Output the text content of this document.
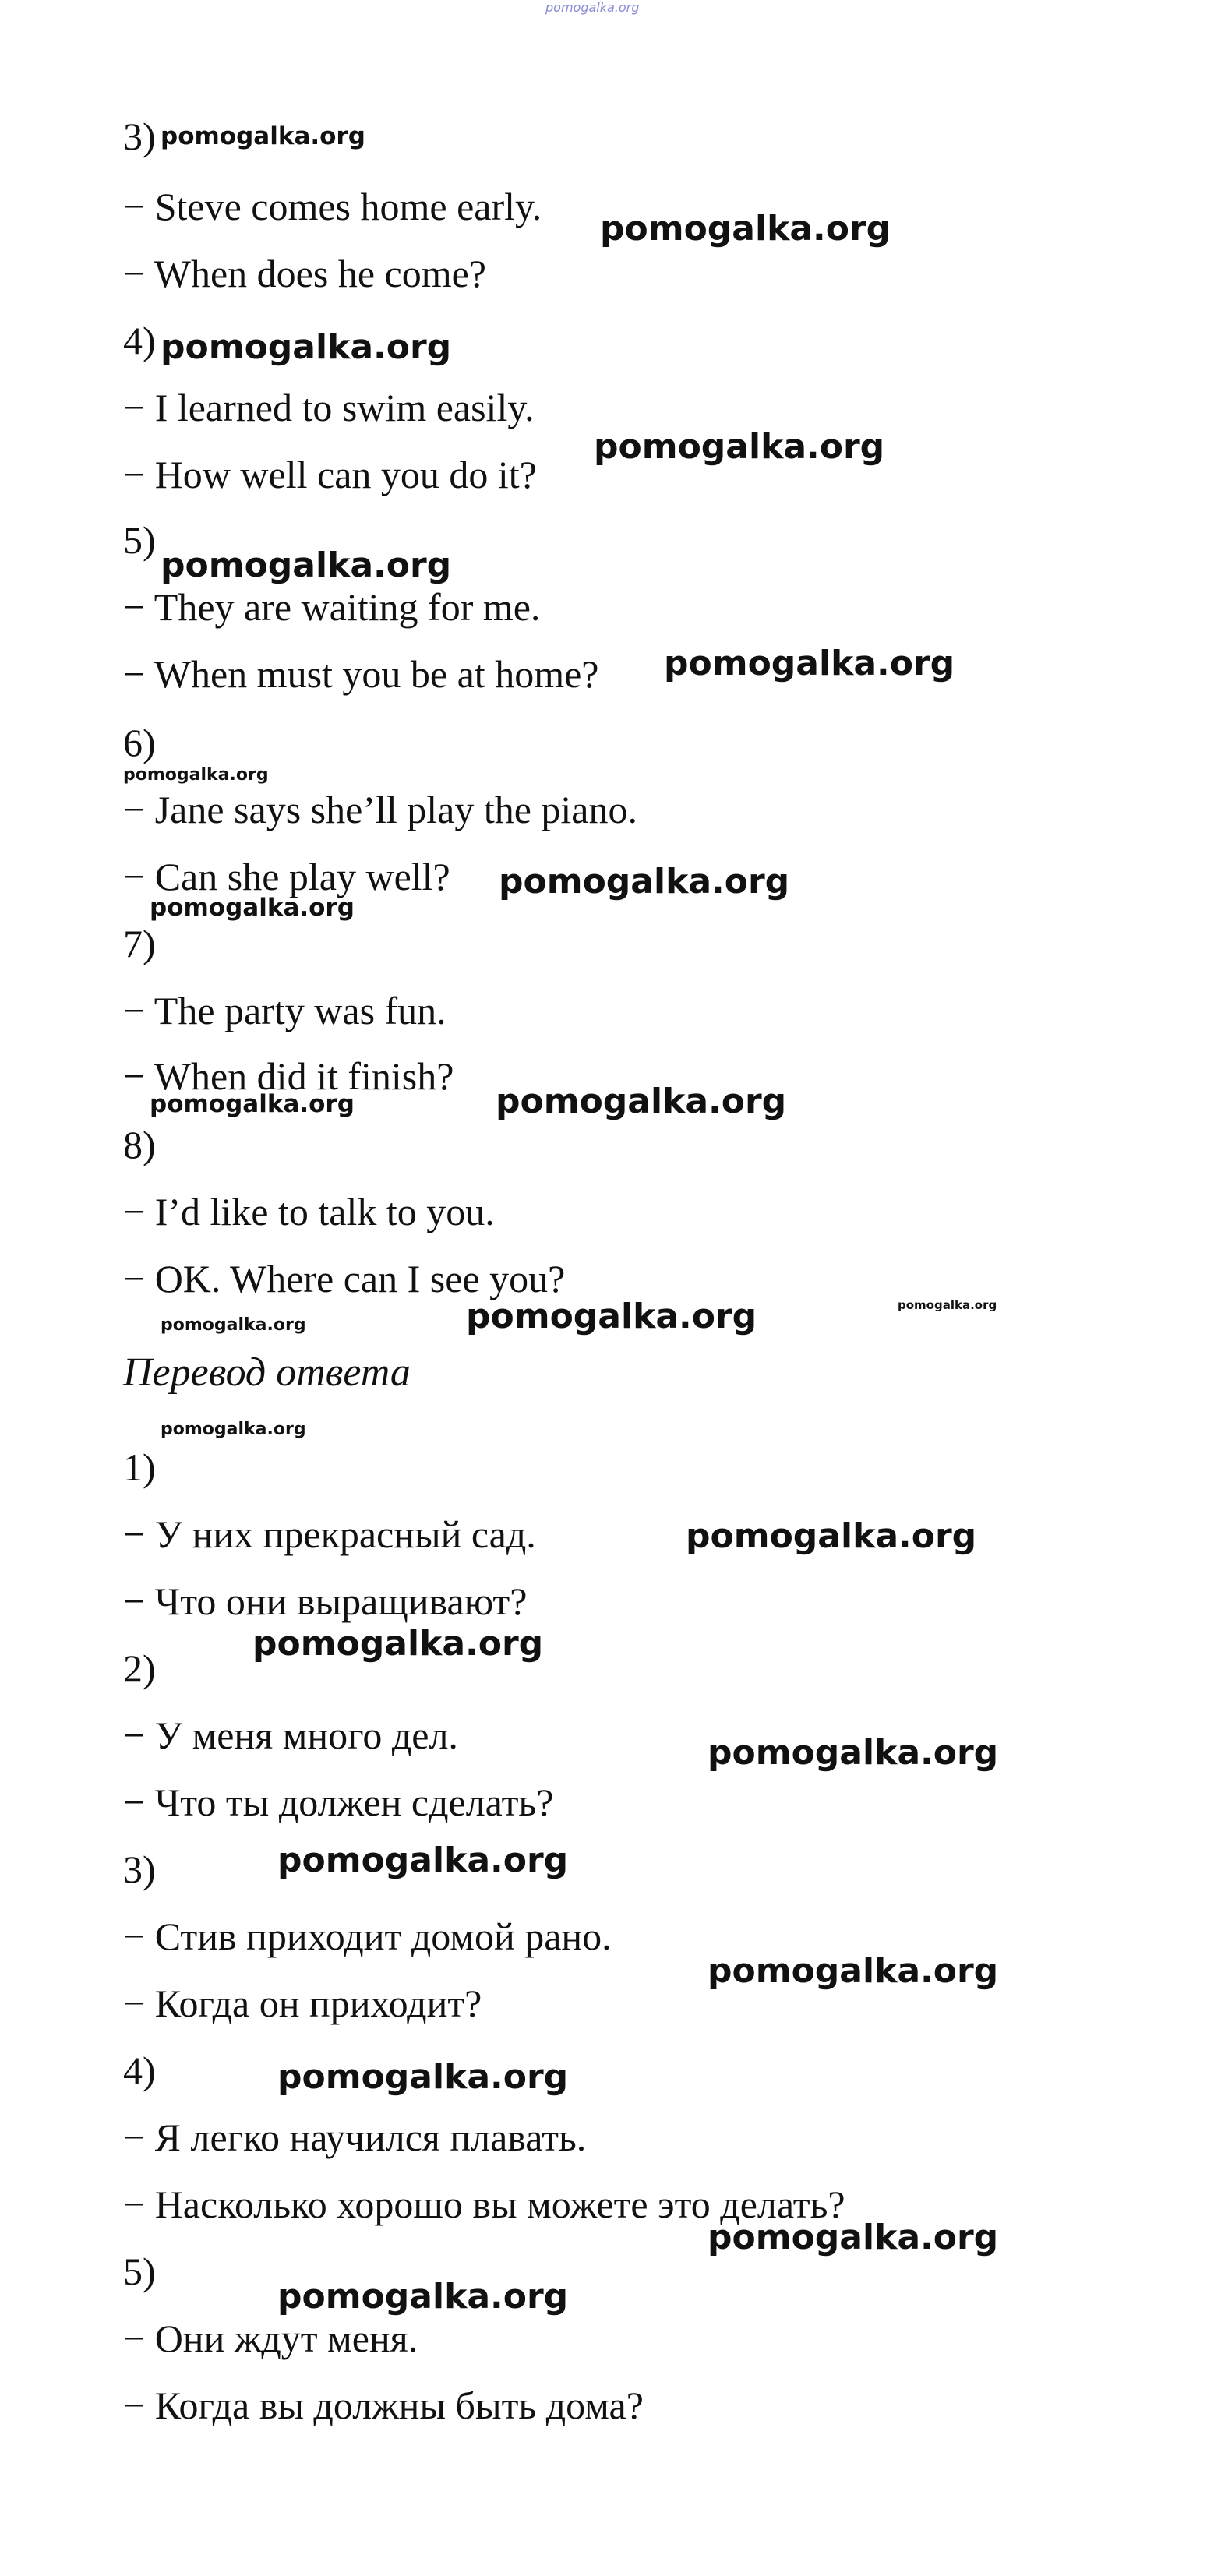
pomogalka.org
3) pomogalka.org
− Steve comes home early.
pomogalka.org
− When does he come?
4) pomogalka.org
− I learned to swim easily.
pomogalka.org
− How well can you do it?
5)
pomogalka.org
− They are waiting for me.
− When must you be at home? pomogalka.org
6)
pomogalka.org
− Jane says she’ll play the piano.
− Can she play well? pomogalka.org
pomogalka.org
7)
− The party was fun.
− When did it finish?
pomogalka.org	pomogalka.org
8)
− I’d like to talk to you.
− OK. Where can I see you?
pomogalka.org
pomogalka.org	pomogalka.org
Перевод ответа
pomogalka.org
1)
− У них прекрасный сад.	pomogalka.org
− Что они выращивают?
pomogalka.org
2)
− У меня много дел.	pomogalka.org
− Что ты должен сделать?
3)	pomogalka.org
− Стив приходит домой рано.
pomogalka.org
− Когда он приходит?
4)	pomogalka.org
− Я легко научился плавать.
− Насколько хорошо вы можете это делать?
pomogalka.org
5)
pomogalka.org
− Они ждут меня.
− Когда вы должны быть дома?
